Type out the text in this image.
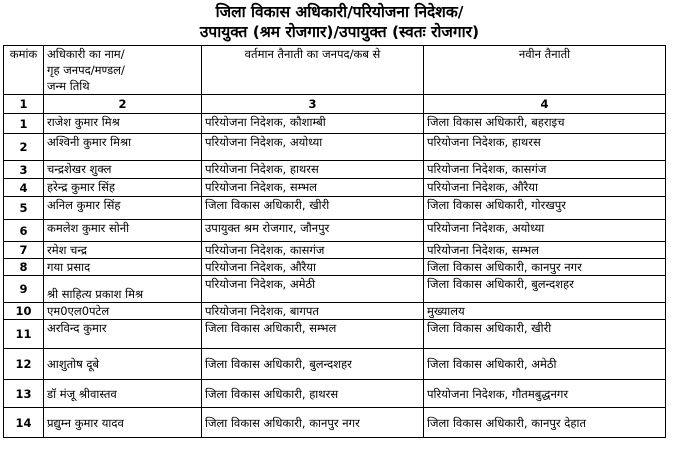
जिला विकास अधिकारी/परियोजना निदेशक/
उपायुक्त (श्रम रोजगार)/उपायुक्त (स्वतः रोजगार)
कमांक	अधिकारी का नाम/
गृह जनपद/मण्डल/
जन्म तिथि	वर्तमान तैनाती का जनपद/कब से	नवीन तैनाती
1	2	3	4
1	राजेश कुमार मिश्र	परियोजना निदेशक, कौशाम्बी	जिला विकास अधिकारी, बहराइच
2	अश्विनी कुमार मिश्रा	परियोजना निदेशक, अयोध्या	परियोजना निदेशक, हाथरस
3	चन्द्रशेखर शुक्ल	परियोजना निदेशक, हाथरस	परियोजना निदेशक, कासगंज
4	हरेन्द्र कुमार सिंह	परियोजना निदेशक, सम्भल	परियोजना निदेशक, औरैया
5	अनिल कुमार सिंह	जिला विकास अधिकारी, खीरी	जिला विकास अधिकारी, गोरखपुर
6	कमलेश कुमार सोनी	उपायुक्त श्रम रोजगार, जौनपुर	परियोजना निदेशक, अयोध्या
7	रमेश चन्द्र	परियोजना निदेशक, कासगंज	परियोजना निदेशक, सम्भल
8	गया प्रसाद	परियोजना निदेशक, औरैया	जिला विकास अधिकारी, कानपुर नगर
9	श्री साहित्य प्रकाश मिश्र	परियोजना निदेशक, अमेठी	जिला विकास अधिकारी, बुलन्दशहर
10	एम0एल0पटेल	परियोजना निदेशक, बागपत	मुख्यालय
11	अरविन्द कुमार	जिला विकास अधिकारी, सम्भल	जिला विकास अधिकारी, खीरी
12	आशुतोष दूबे	जिला विकास अधिकारी, बुलन्दशहर	जिला विकास अधिकारी, अमेठी
13	डॉ मंजू श्रीवास्तव	जिला विकास अधिकारी, हाथरस	परियोजना निदेशक, गौतमबुद्धनगर
14	प्रद्युम्न कुमार यादव	जिला विकास अधिकारी, कानपुर नगर	जिला विकास अधिकारी, कानपुर देहात
